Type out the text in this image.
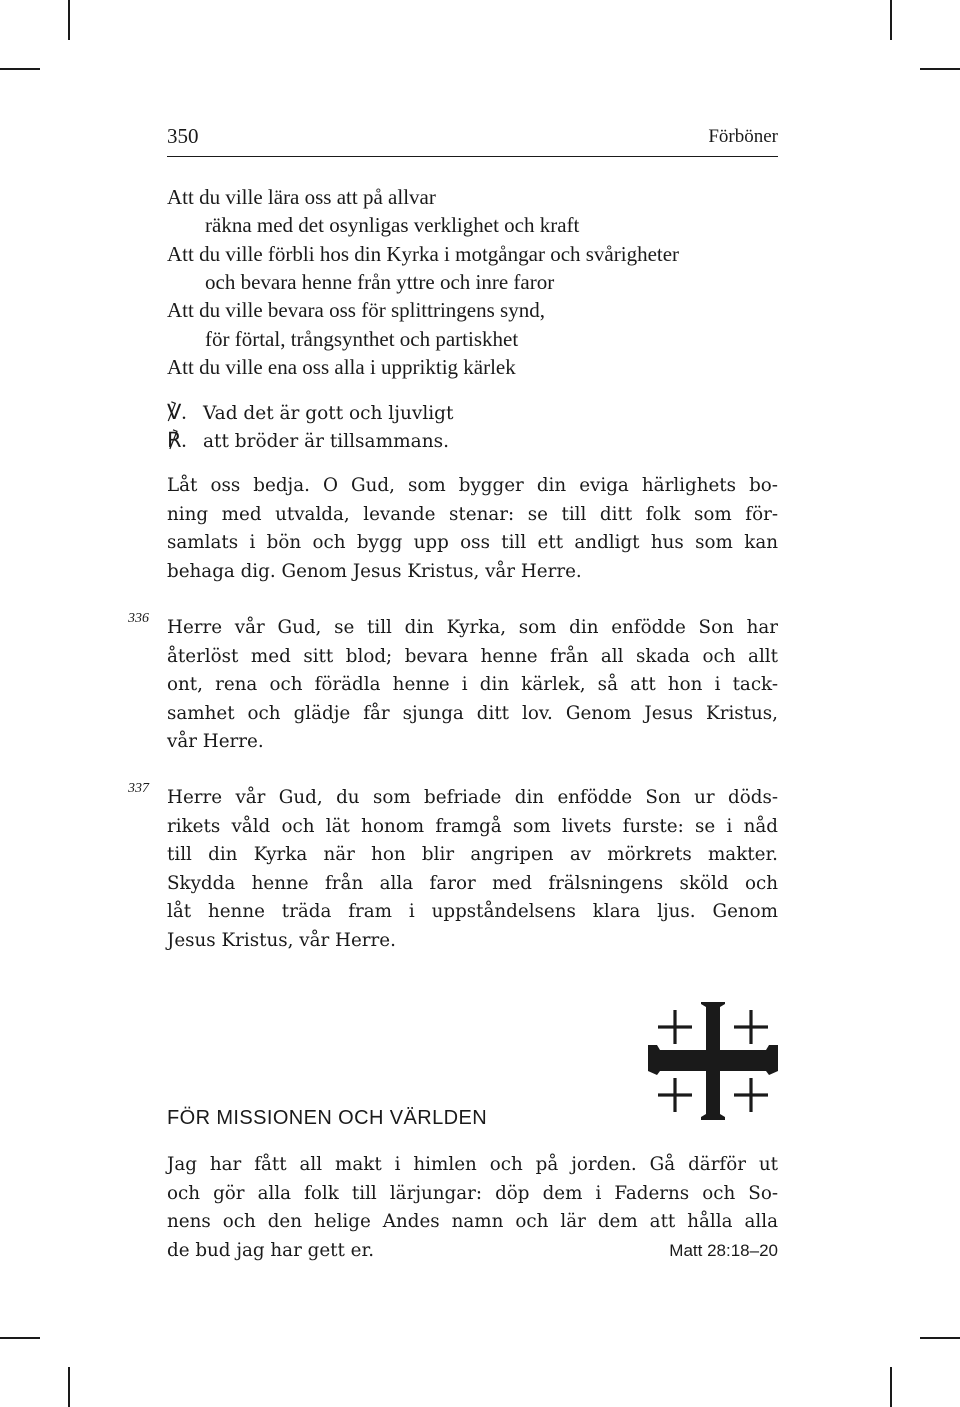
350	Förböner
Att du ville lära oss att på allvar
räkna med det osynligas verklighet och kraft
Att du ville förbli hos din Kyrka i motgångar och svårigheter
och bevara henne från yttre och inre faror
Att du ville bevara oss för splittringens synd,
för förtal, trångsynthet och partiskhet
Att du ville ena oss alla i uppriktig kärlek
℣. Vad det är gott och ljuvligt
℟. att bröder är tillsammans.
Låt oss bedja. O Gud, som bygger din eviga härlighets bo-
ning med utvalda, levande stenar: se till ditt folk som för-
samlats i bön och bygg upp oss till ett andligt hus som kan
behaga dig. Genom Jesus Kristus, vår Herre.
336 Herre vår Gud, se till din Kyrka, som din enfödde Son har
återlöst med sitt blod; bevara henne från all skada och allt
ont, rena och förädla henne i din kärlek, så att hon i tack-
samhet och glädje får sjunga ditt lov. Genom Jesus Kristus,
vår Herre.
337 Herre vår Gud, du som befriade din enfödde Son ur döds-
rikets våld och lät honom framgå som livets furste: se i nåd
till din Kyrka när hon blir angripen av mörkrets makter.
Skydda henne från alla faror med frälsningens sköld och
låt henne träda fram i uppståndelsens klara ljus. Genom
Jesus Kristus, vår Herre.
FÖR MISSIONEN OCH VÄRLDEN
Jag har fått all makt i himlen och på jorden. Gå därför ut
och gör alla folk till lärjungar: döp dem i Faderns och So-
nens och den helige Andes namn och lär dem att hålla alla
de bud jag har gett er.	Matt 28:18–20
